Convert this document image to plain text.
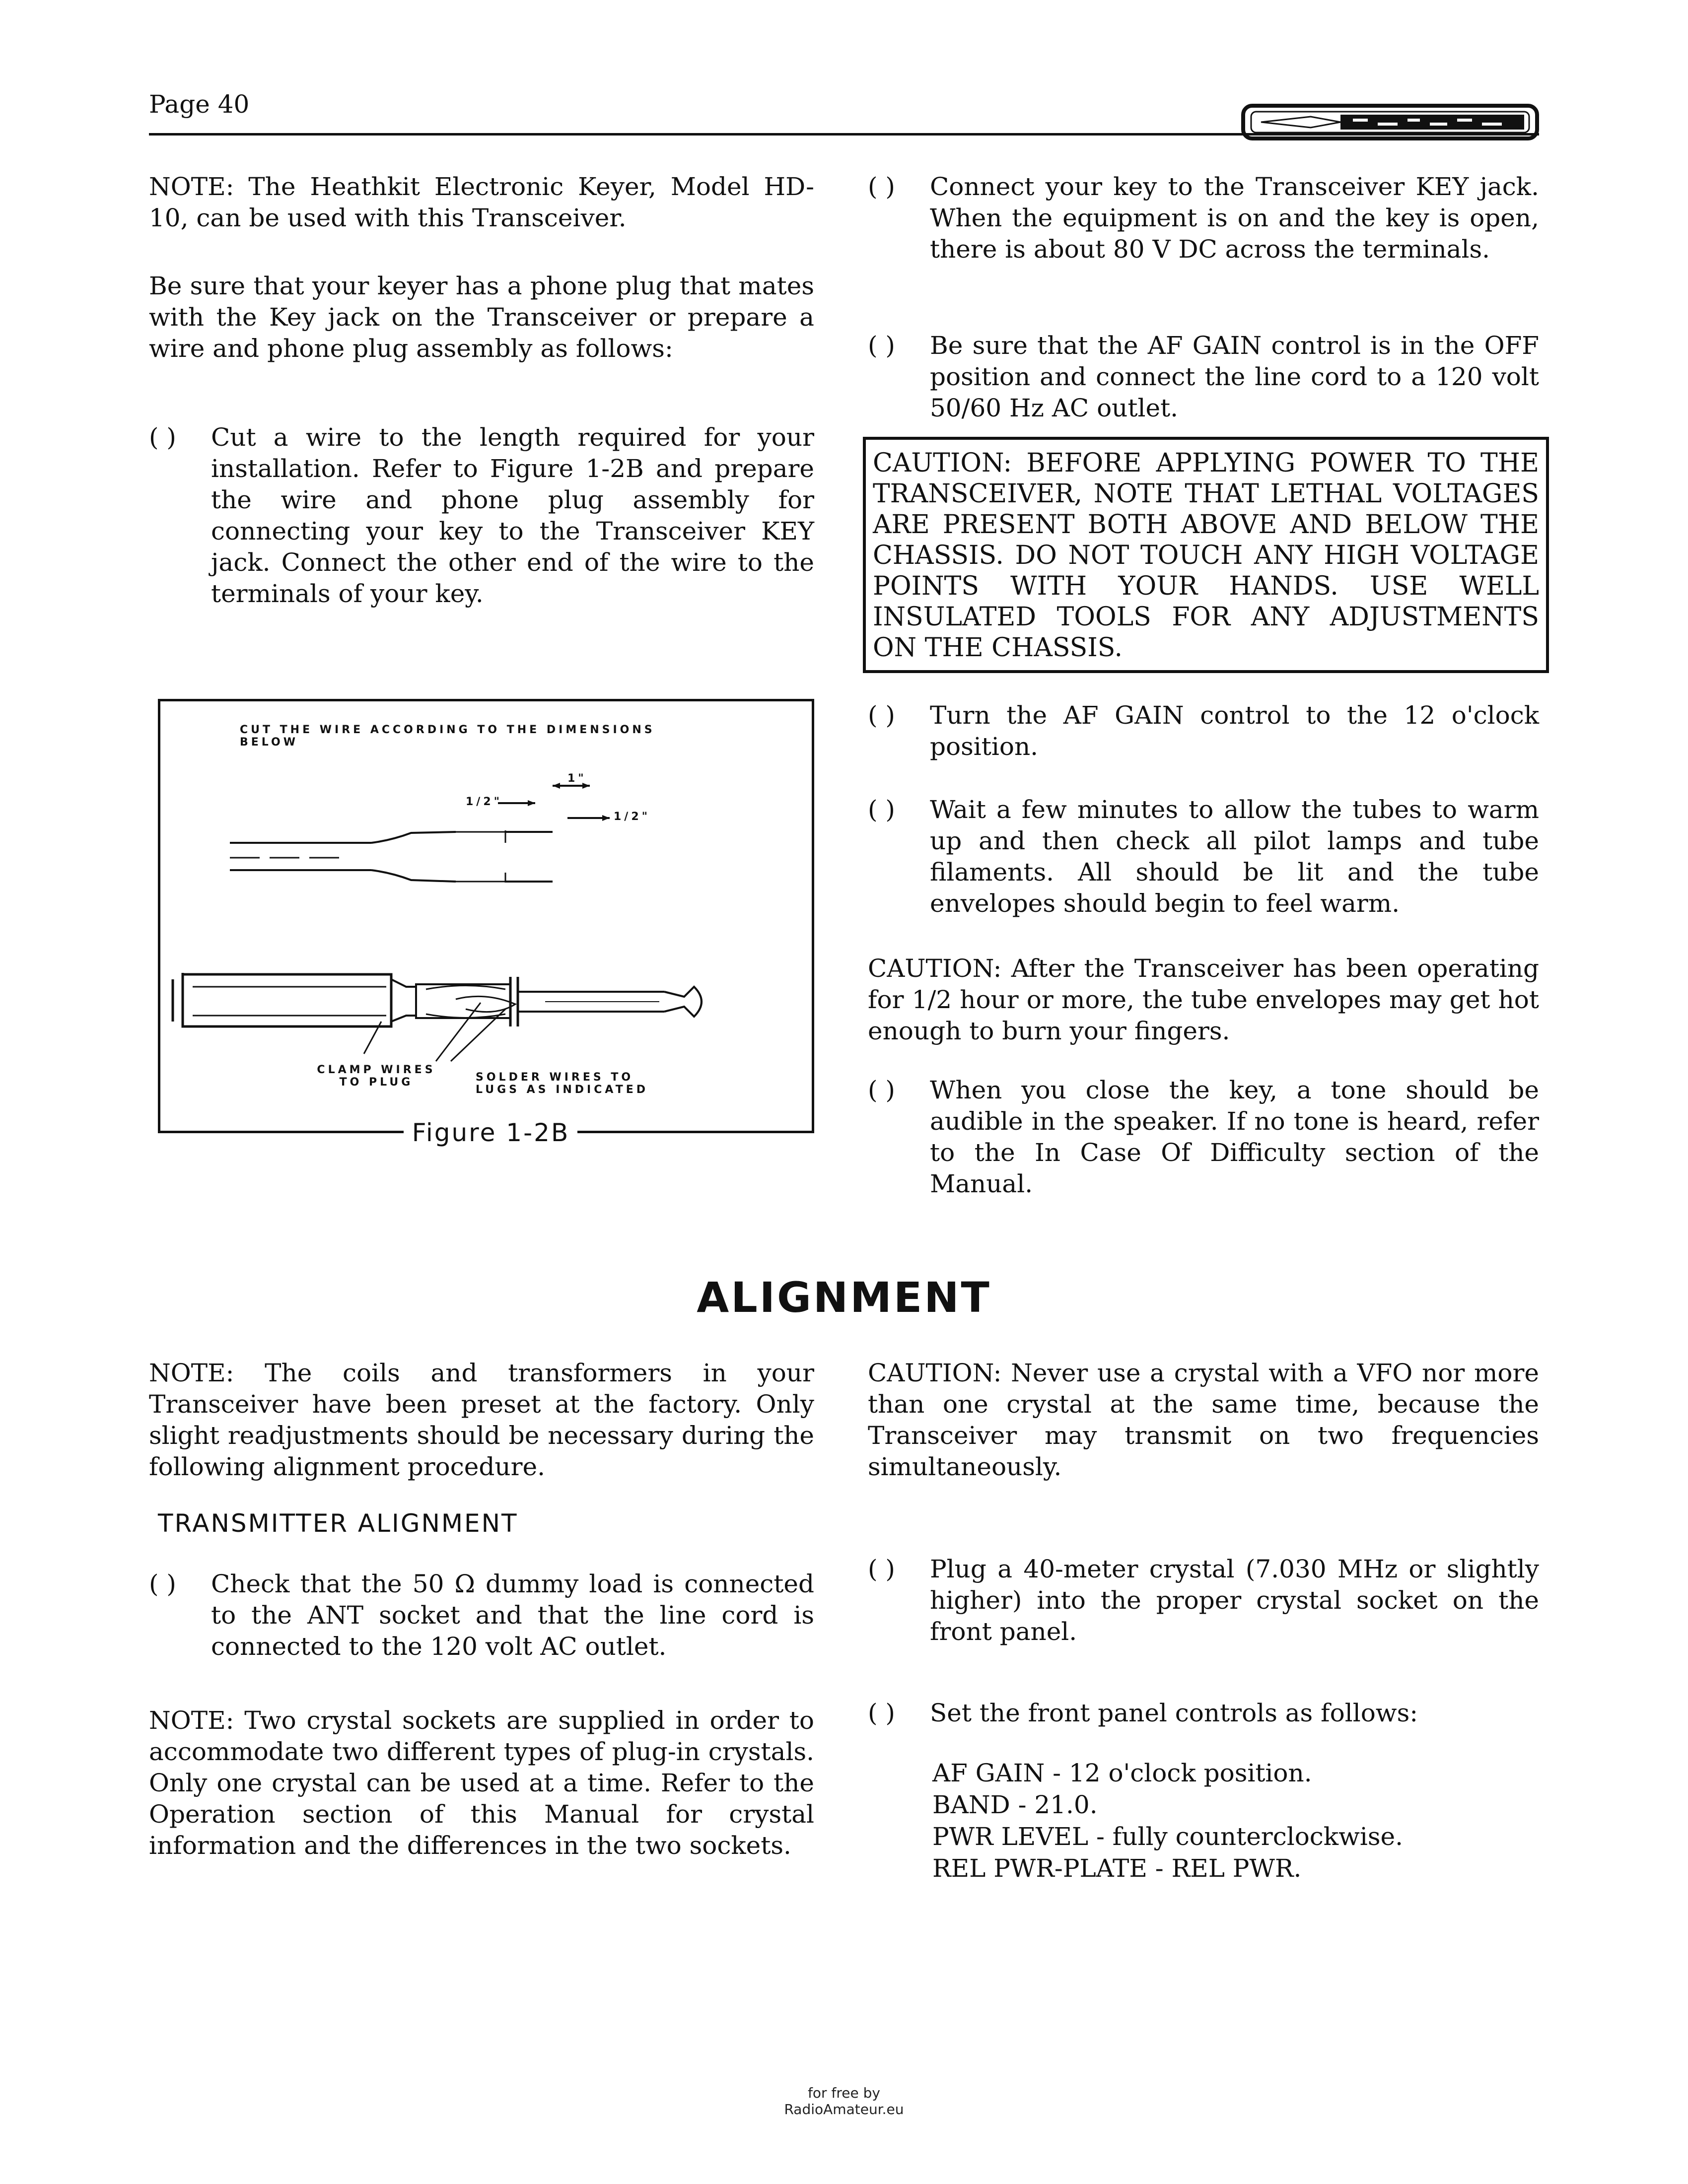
Page 40
NOTE: The Heathkit Electronic Keyer, Model HD-10, can be used with this Transceiver.
Be sure that your keyer has a phone plug that mates with the Key jack on the Transceiver or prepare a wire and phone plug assembly as follows:
( )	Cut a wire to the length required for your installation. Refer to Figure 1-2B and prepare the wire and phone plug assembly for connecting your key to the Transceiver KEY jack. Connect the other end of the wire to the terminals of your key.
CUT THE WIRE ACCORDING TO THE DIMENSIONS
BELOW
1"
1/2"
1/2"
CLAMP WIRES
TO PLUG	SOLDER WIRES TO
LUGS AS INDICATED
Figure 1-2B
( )	Connect your key to the Transceiver KEY jack. When the equipment is on and the key is open, there is about 80 V DC across the terminals.
( )	Be sure that the AF GAIN control is in the OFF position and connect the line cord to a 120 volt 50/60 Hz AC outlet.
CAUTION: BEFORE APPLYING POWER TO THE TRANSCEIVER, NOTE THAT LETHAL VOLTAGES ARE PRESENT BOTH ABOVE AND BELOW THE CHASSIS. DO NOT TOUCH ANY HIGH VOLTAGE POINTS WITH YOUR HANDS. USE WELL INSULATED TOOLS FOR ANY ADJUSTMENTS ON THE CHASSIS.
( )	Turn the AF GAIN control to the 12 o'clock position.
( )	Wait a few minutes to allow the tubes to warm up and then check all pilot lamps and tube filaments. All should be lit and the tube envelopes should begin to feel warm.
CAUTION: After the Transceiver has been operating for 1/2 hour or more, the tube envelopes may get hot enough to burn your fingers.
( )	When you close the key, a tone should be audible in the speaker. If no tone is heard, refer to the In Case Of Difficulty section of the Manual.
ALIGNMENT
NOTE: The coils and transformers in your Transceiver have been preset at the factory. Only slight readjustments should be necessary during the following alignment procedure.
TRANSMITTER ALIGNMENT
( )	Check that the 50 Ω dummy load is connected to the ANT socket and that the line cord is connected to the 120 volt AC outlet.
NOTE: Two crystal sockets are supplied in order to accommodate two different types of plug-in crystals. Only one crystal can be used at a time. Refer to the Operation section of this Manual for crystal information and the differences in the two sockets.
CAUTION: Never use a crystal with a VFO nor more than one crystal at the same time, because the Transceiver may transmit on two frequencies simultaneously.
( )	Plug a 40-meter crystal (7.030 MHz or slightly higher) into the proper crystal socket on the front panel.
( )	Set the front panel controls as follows:
AF GAIN - 12 o'clock position.
BAND - 21.0.
PWR LEVEL - fully counterclockwise.
REL PWR-PLATE - REL PWR.
for free by
RadioAmateur.eu
